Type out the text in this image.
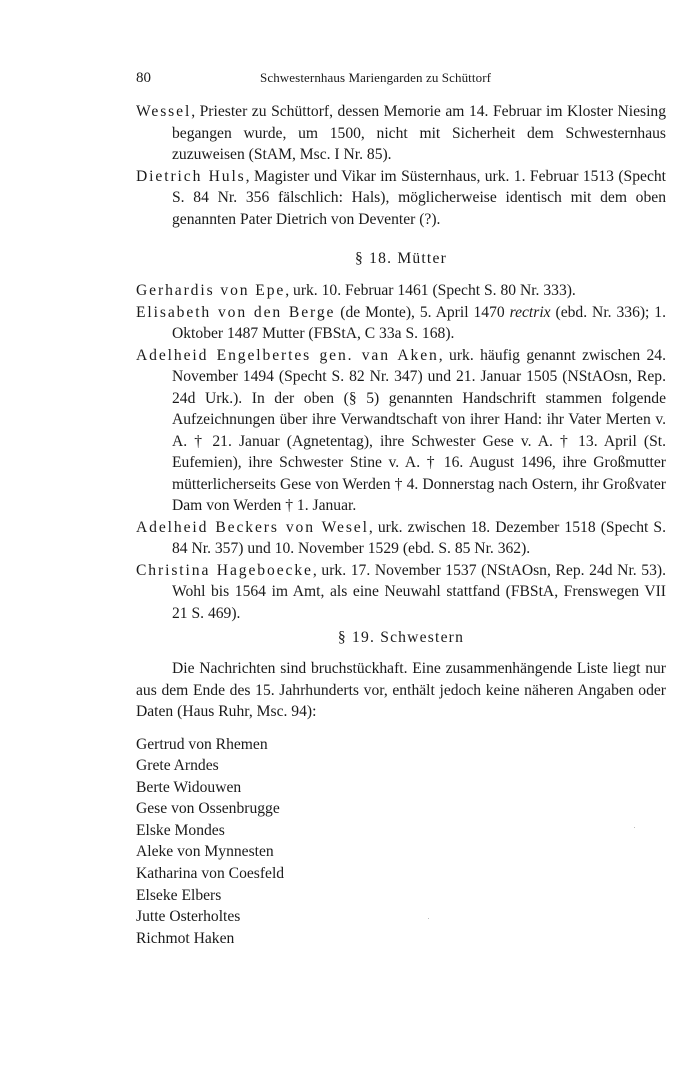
80	Schwesternhaus Mariengarden zu Schüttorf
Wessel, Priester zu Schüttorf, dessen Memorie am 14. Februar im Kloster Niesing begangen wurde, um 1500, nicht mit Sicherheit dem Schwesternhaus zuzuweisen (StAM, Msc. I Nr. 85).
Dietrich Huls, Magister und Vikar im Süsternhaus, urk. 1. Februar 1513 (Specht S. 84 Nr. 356 fälschlich: Hals), möglicherweise identisch mit dem oben genannten Pater Dietrich von Deventer (?).
§ 18. Mütter
Gerhardis von Epe, urk. 10. Februar 1461 (Specht S. 80 Nr. 333).
Elisabeth von den Berge (de Monte), 5. April 1470 rectrix (ebd. Nr. 336); 1. Oktober 1487 Mutter (FBStA, C 33a S. 168).
Adelheid Engelbertes gen. van Aken, urk. häufig genannt zwischen 24. November 1494 (Specht S. 82 Nr. 347) und 21. Januar 1505 (NStAOsn, Rep. 24d Urk.). In der oben (§ 5) genannten Handschrift stammen folgende Aufzeichnungen über ihre Verwandtschaft von ihrer Hand: ihr Vater Merten v. A. † 21. Januar (Agnetentag), ihre Schwester Gese v. A. † 13. April (St. Eufemien), ihre Schwester Stine v. A. † 16. August 1496, ihre Großmutter mütterlicherseits Gese von Werden † 4. Donnerstag nach Ostern, ihr Großvater Dam von Werden † 1. Januar.
Adelheid Beckers von Wesel, urk. zwischen 18. Dezember 1518 (Specht S. 84 Nr. 357) und 10. November 1529 (ebd. S. 85 Nr. 362).
Christina Hageboecke, urk. 17. November 1537 (NStAOsn, Rep. 24d Nr. 53). Wohl bis 1564 im Amt, als eine Neuwahl stattfand (FBStA, Frenswegen VII 21 S. 469).
§ 19. Schwestern
Die Nachrichten sind bruchstückhaft. Eine zusammenhängende Liste liegt nur aus dem Ende des 15. Jahrhunderts vor, enthält jedoch keine näheren Angaben oder Daten (Haus Ruhr, Msc. 94):
Gertrud von Rhemen
Grete Arndes
Berte Widouwen
Gese von Ossenbrugge
Elske Mondes
Aleke von Mynnesten
Katharina von Coesfeld
Elseke Elbers
Jutte Osterholtes
Richmot Haken
